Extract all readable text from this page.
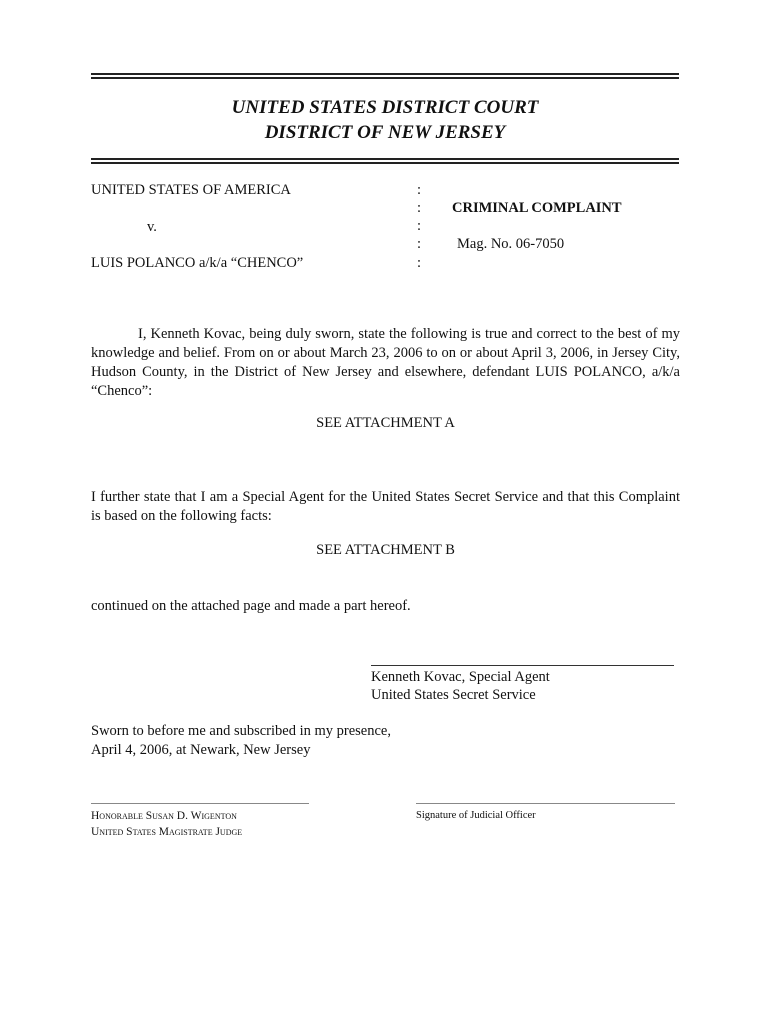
UNITED STATES DISTRICT COURT
DISTRICT OF NEW JERSEY
UNITED STATES OF AMERICA
v.
LUIS POLANCO a/k/a “CHENCO”
:
:
:
:
:
CRIMINAL COMPLAINT
Mag. No. 06-7050
I, Kenneth Kovac, being duly sworn, state the following is true and correct to the best of my knowledge and belief. From on or about March 23, 2006 to on or about April 3, 2006, in Jersey City, Hudson County, in the District of New Jersey and elsewhere, defendant LUIS POLANCO, a/k/a “Chenco”:
SEE ATTACHMENT A
I further state that I am a Special Agent for the United States Secret Service and that this Complaint is based on the following facts:
SEE ATTACHMENT B
continued on the attached page and made a part hereof.
Kenneth Kovac, Special Agent
United States Secret Service
Sworn to before me and subscribed in my presence,
April 4, 2006, at Newark, New Jersey
Honorable Susan D. Wigenton
United States Magistrate Judge
Signature of Judicial Officer
